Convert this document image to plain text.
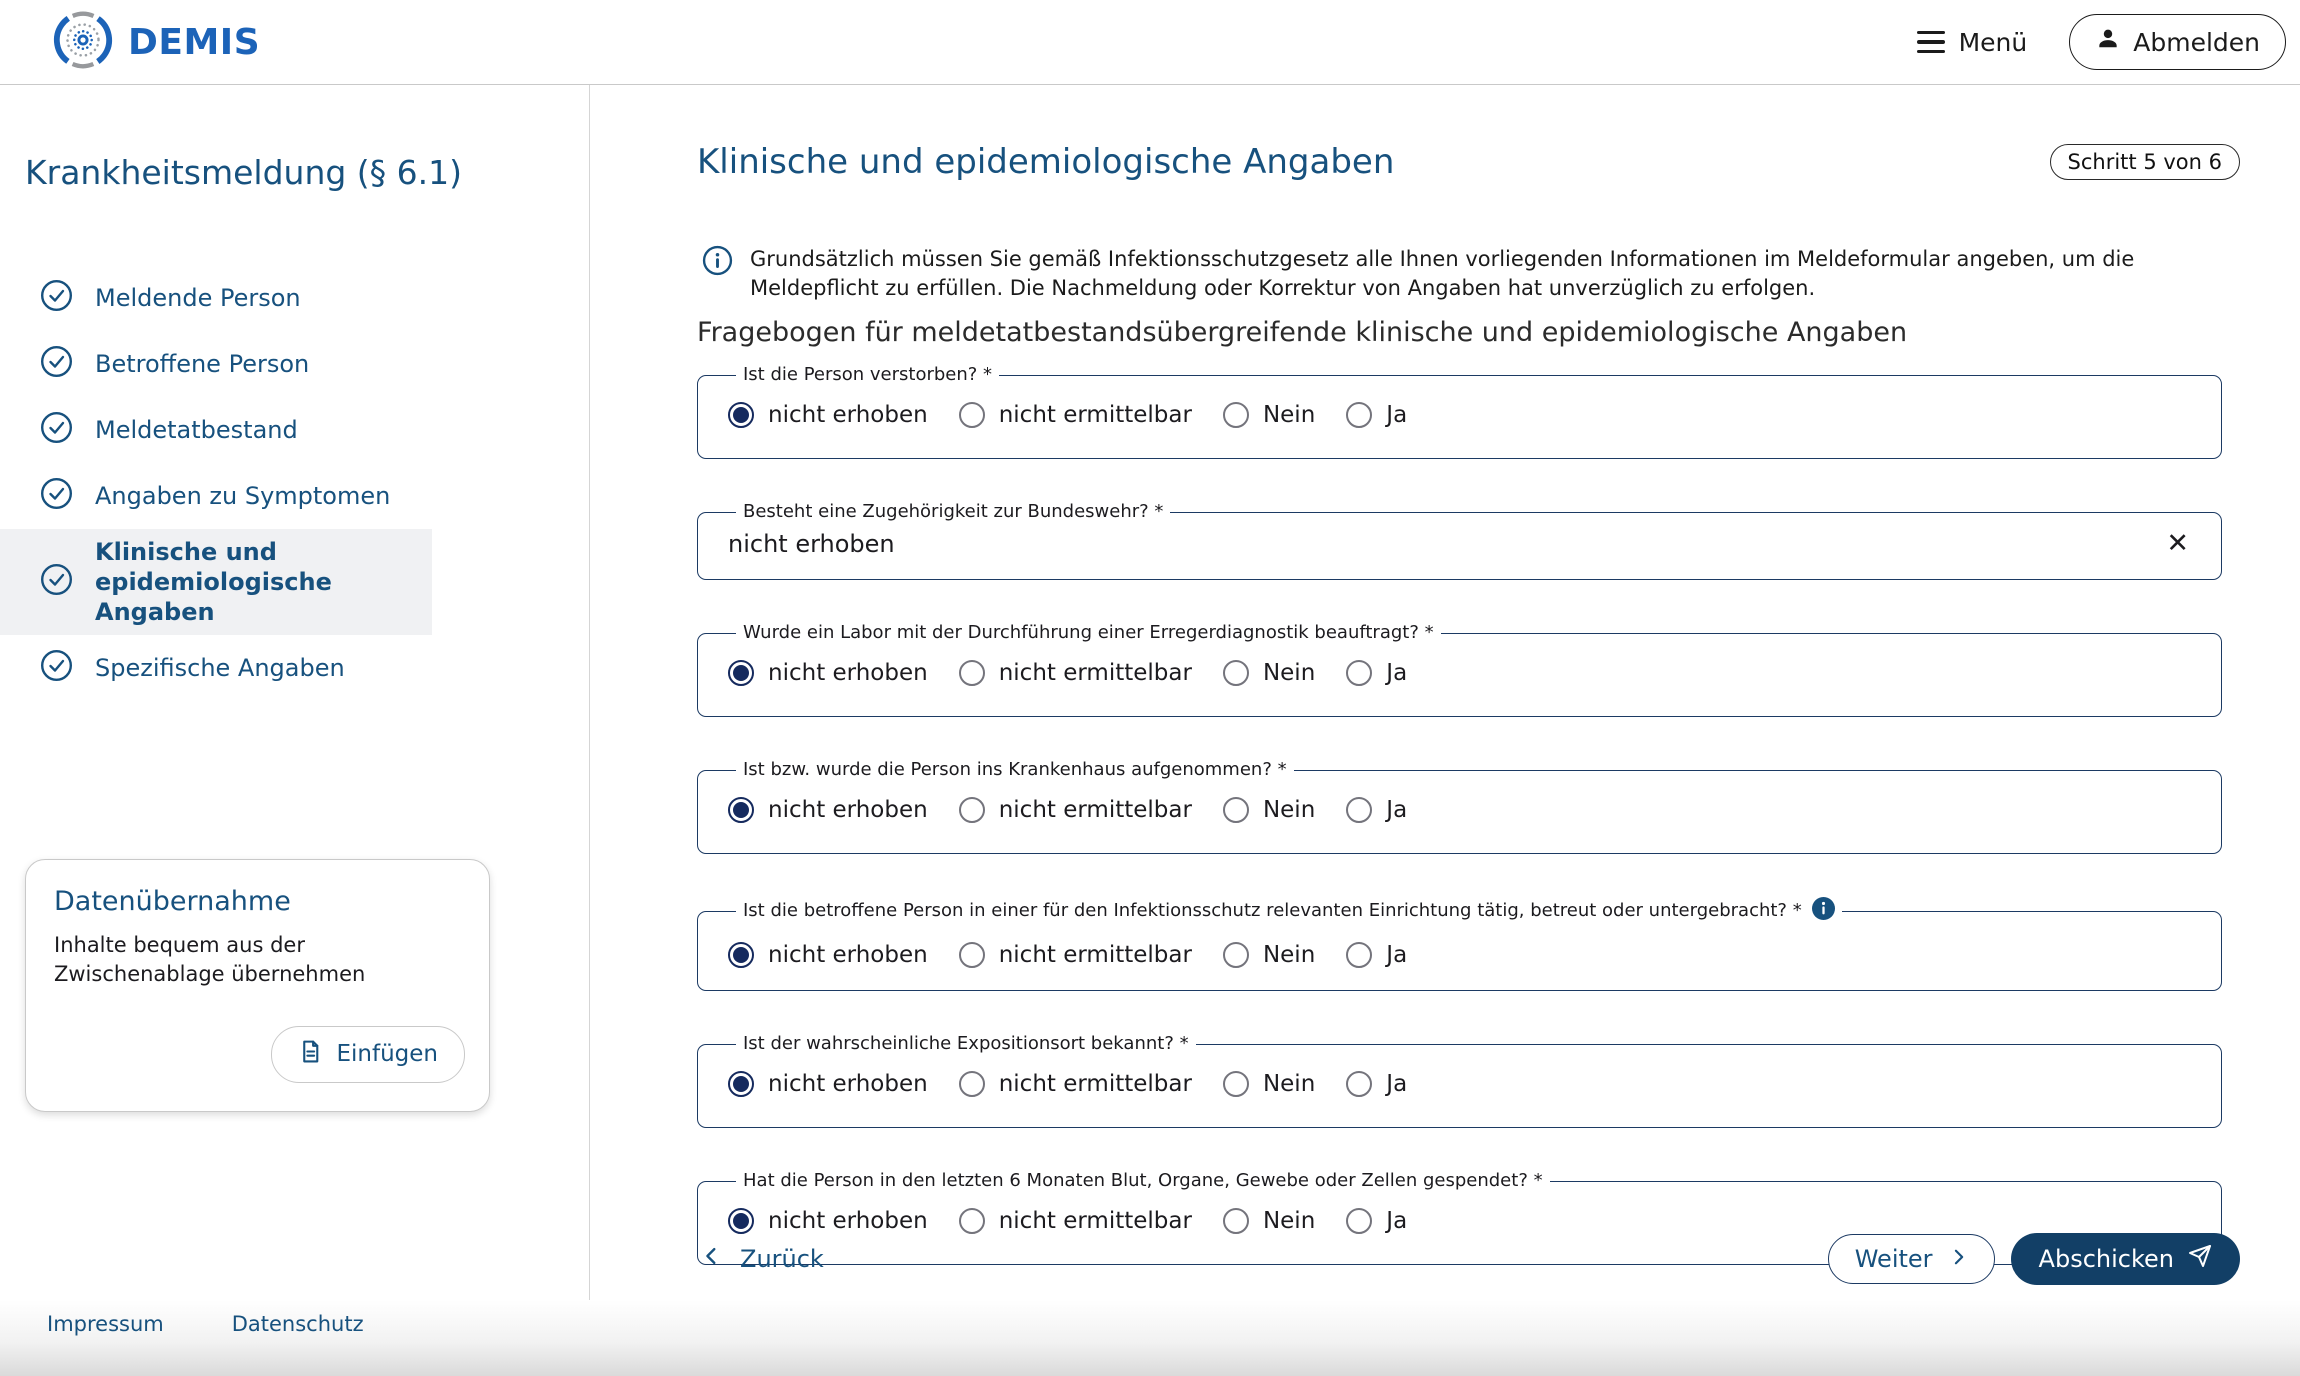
DEMIS	Menü	Abmelden
Krankheitsmeldung (§ 6.1)
Meldende Person
Betroffene Person
Meldetatbestand
Angaben zu Symptomen
Klinische und epidemiologische Angaben
Spezifische Angaben
Datenübernahme

Inhalte bequem aus der Zwischenablage übernehmen

Einfügen
Klinische und epidemiologische Angaben	Schritt 5 von 6

Grundsätzlich müssen Sie gemäß Infektionsschutzgesetz alle Ihnen vorliegenden Informationen im Meldeformular angeben, um die Meldepflicht zu erfüllen. Die Nachmeldung oder Korrektur von Angaben hat unverzüglich zu erfolgen.

Fragebogen für meldetatbestandsübergreifende klinische und epidemiologische Angaben
Ist die Person verstorben? *
nicht erhoben	nicht ermittelbar	Nein	Ja
Besteht eine Zugehörigkeit zur Bundeswehr? *
nicht erhoben
✕
Wurde ein Labor mit der Durchführung einer Erregerdiagnostik beauftragt? *
nicht erhoben	nicht ermittelbar	Nein	Ja
Ist bzw. wurde die Person ins Krankenhaus aufgenommen? *
nicht erhoben	nicht ermittelbar	Nein	Ja
Ist die betroffene Person in einer für den Infektionsschutz relevanten Einrichtung tätig, betreut oder untergebracht? *
nicht erhoben	nicht ermittelbar	Nein	Ja
Ist der wahrscheinliche Expositionsort bekannt? *
nicht erhoben	nicht ermittelbar	Nein	Ja
Hat die Person in den letzten 6 Monaten Blut, Organe, Gewebe oder Zellen gespendet? *
nicht erhoben	nicht ermittelbar	Nein	Ja
Zurück	Weiter	Abschicken
Impressum	Datenschutz
